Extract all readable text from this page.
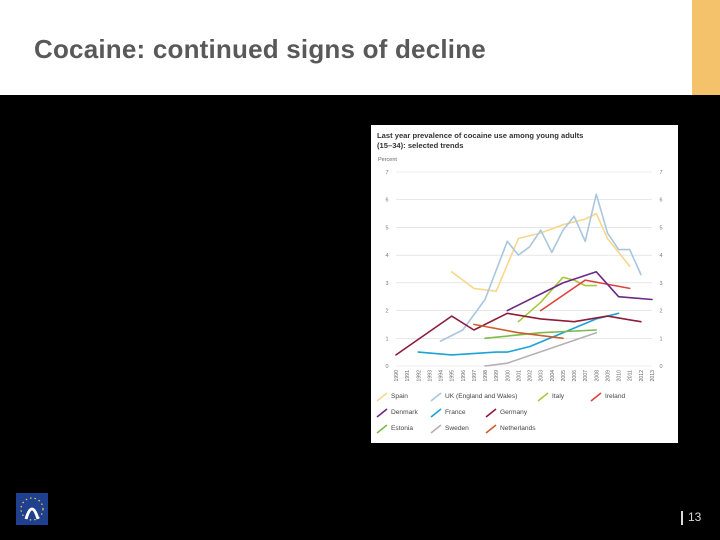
Cocaine: continued signs of decline
Last year prevalence of cocaine use among young adults
(15–34): selected trends
Percent
0	0
1	1
2	2
3	3
4	4
5	5
6	6
7	7
1990 1991 1992 1993 1994 1995 1996 1997 1998 1999 2000 2001 2002 2003 2004 2005 2006 2007 2008 2009 2010 2011 2012 2013
Spain	UK (England and Wales)	Italy	Ireland
Denmark	France	Germany
Estonia	Sweden	Netherlands
13
